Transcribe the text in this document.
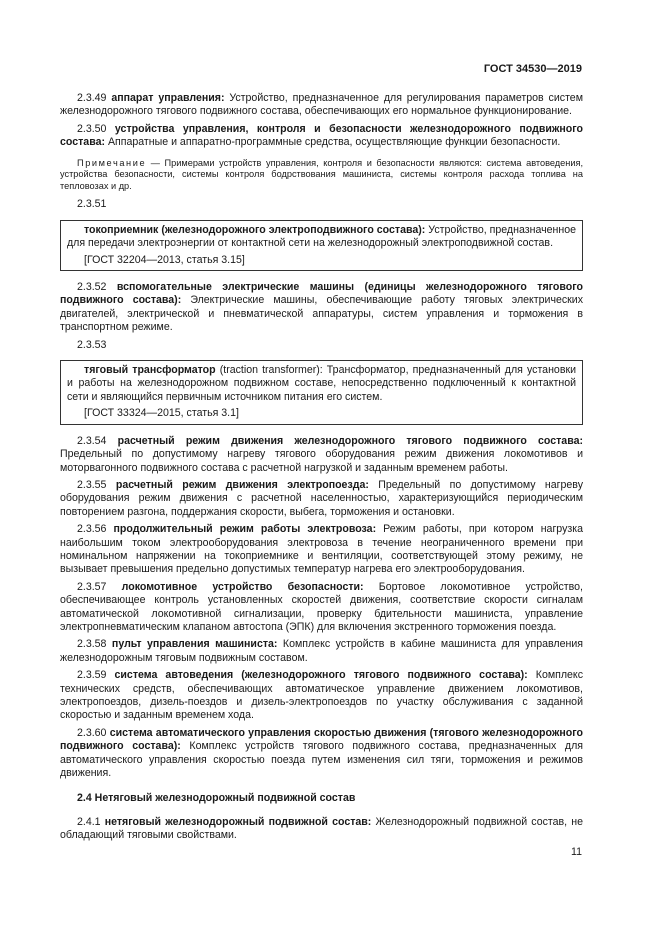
ГОСТ 34530—2019

2.3.49 аппарат управления: Устройство, предназначенное для регулирования параметров систем железнодорожного тягового подвижного состава, обеспечивающих его нормальное функционирование.

2.3.50 устройства управления, контроля и безопасности железнодорожного подвижного состава: Аппаратные и аппаратно-программные средства, осуществляющие функции безопасности.

Примечание — Примерами устройств управления, контроля и безопасности являются: система автоведения, устройства безопасности, системы контроля бодрствования машиниста, системы контроля расхода топлива на тепловозах и др.

2.3.51

токоприемник (железнодорожного электроподвижного состава): Устройство, предназначенное для передачи электроэнергии от контактной сети на железнодорожный электроподвижной состав.

[ГОСТ 32204—2013, статья 3.15]

2.3.52 вспомогательные электрические машины (единицы железнодорожного тягового подвижного состава): Электрические машины, обеспечивающие работу тяговых электрических двигателей, электрической и пневматической аппаратуры, систем управления и торможения в транспортном режиме.

2.3.53

тяговый трансформатор (traction transformer): Трансформатор, предназначенный для установки и работы на железнодорожном подвижном составе, непосредственно подключенный к контактной сети и являющийся первичным источником питания его систем.

[ГОСТ 33324—2015, статья 3.1]

2.3.54 расчетный режим движения железнодорожного тягового подвижного состава: Предельный по допустимому нагреву тягового оборудования режим движения локомотивов и моторвагонного подвижного состава с расчетной нагрузкой и заданным временем работы.

2.3.55 расчетный режим движения электропоезда: Предельный по допустимому нагреву оборудования режим движения с расчетной населенностью, характеризующийся периодическим повторением разгона, поддержания скорости, выбега, торможения и остановки.

2.3.56 продолжительный режим работы электровоза: Режим работы, при котором нагрузка наибольшим током электрооборудования электровоза в течение неограниченного времени при номинальном напряжении на токоприемнике и вентиляции, соответствующей этому режиму, не вызывает превышения предельно допустимых температур нагрева его электрооборудования.

2.3.57 локомотивное устройство безопасности: Бортовое локомотивное устройство, обеспечивающее контроль установленных скоростей движения, соответствие скорости сигналам автоматической локомотивной сигнализации, проверку бдительности машиниста, управление электропневматическим клапаном автостопа (ЭПК) для включения экстренного торможения поезда.

2.3.58 пульт управления машиниста: Комплекс устройств в кабине машиниста для управления железнодорожным тяговым подвижным составом.

2.3.59 система автоведения (железнодорожного тягового подвижного состава): Комплекс технических средств, обеспечивающих автоматическое управление движением локомотивов, электропоездов, дизель-поездов и дизель-электропоездов по участку обслуживания с заданной скоростью и заданным временем хода.

2.3.60 система автоматического управления скоростью движения (тягового железнодорожного подвижного состава): Комплекс устройств тягового подвижного состава, предназначенных для автоматического управления скоростью поезда путем изменения сил тяги, торможения и режимов движения.

2.4 Нетяговый железнодорожный подвижной состав

2.4.1 нетяговый железнодорожный подвижной состав: Железнодорожный подвижной состав, не обладающий тяговыми свойствами.

11
